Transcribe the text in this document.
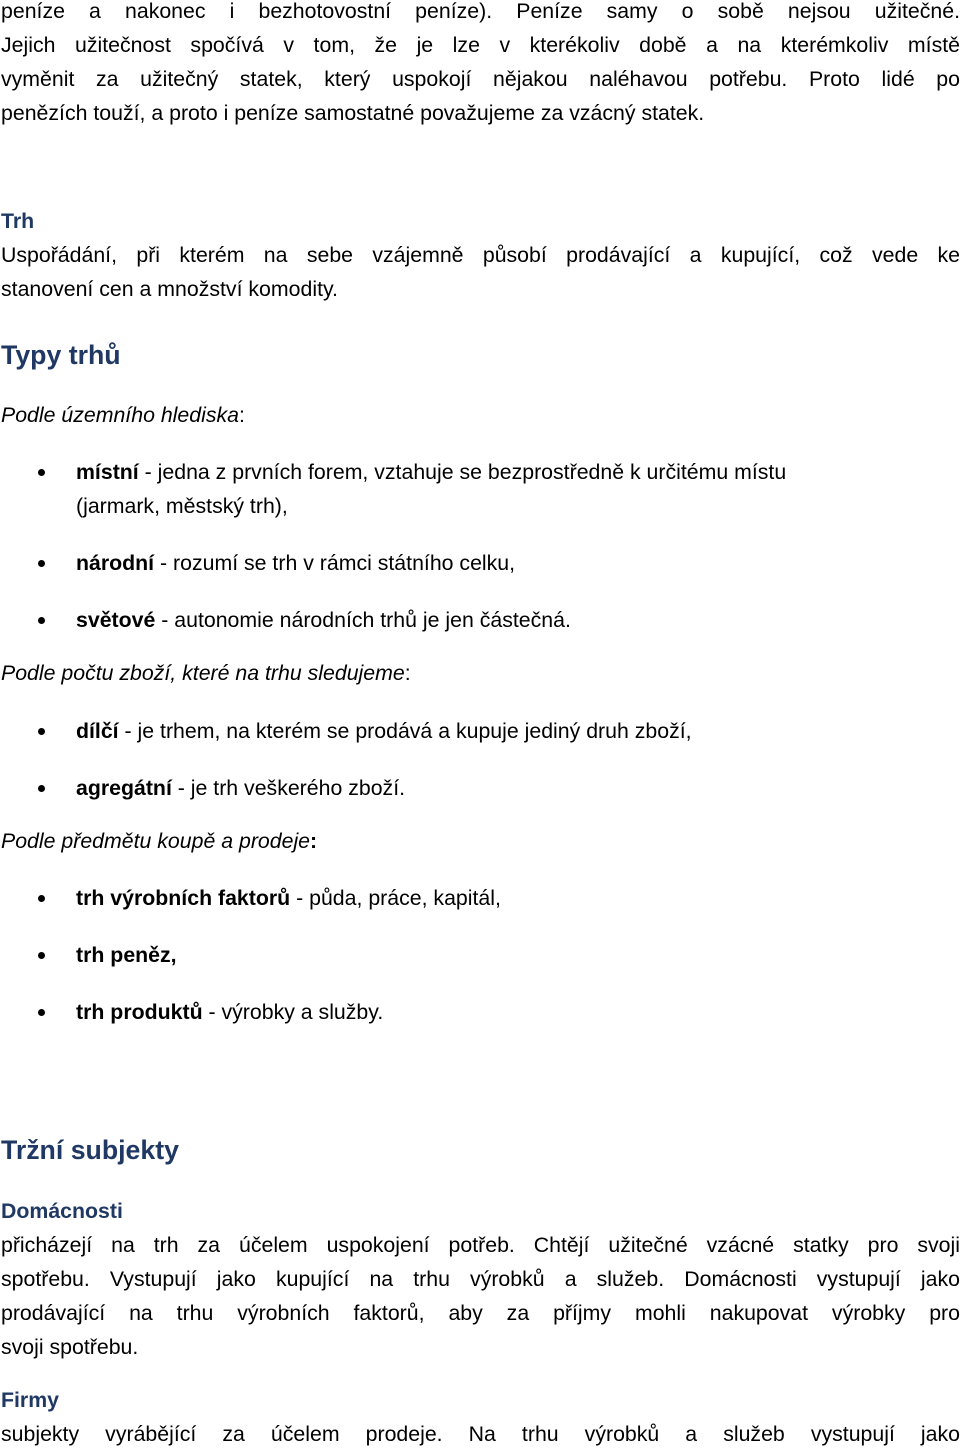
peníze a nakonec i bezhotovostní peníze). Peníze samy o sobě nejsou užitečné.
Jejich užitečnost spočívá v tom, že je lze v kterékoliv době a na kterémkoliv místě
vyměnit za užitečný statek, který uspokojí nějakou naléhavou potřebu. Proto lidé po
penězích touží, a proto i peníze samostatné považujeme za vzácný statek.

Trh

Uspořádání, při kterém na sebe vzájemně působí prodávající a kupující, což vede ke
stanovení cen a množství komodity.

Typy trhů

Podle územního hlediska:

místní - jedna z prvních forem, vztahuje se bezprostředně k určitému místu
(jarmark, městský trh),
národní - rozumí se trh v rámci státního celku,
světové - autonomie národních trhů je jen částečná.

Podle počtu zboží, které na trhu sledujeme:

dílčí - je trhem, na kterém se prodává a kupuje jediný druh zboží,
agregátní - je trh veškerého zboží.

Podle předmětu koupě a prodeje:

trh výrobních faktorů - půda, práce, kapitál,
trh peněz,
trh produktů - výrobky a služby.

Tržní subjekty

Domácnosti

přicházejí na trh za účelem uspokojení potřeb. Chtějí užitečné vzácné statky pro svoji
spotřebu. Vystupují jako kupující na trhu výrobků a služeb. Domácnosti vystupují jako
prodávající na trhu výrobních faktorů, aby za příjmy mohli nakupovat výrobky pro
svoji spotřebu.

Firmy

subjekty vyrábějící za účelem prodeje. Na trhu výrobků a služeb vystupují jako
